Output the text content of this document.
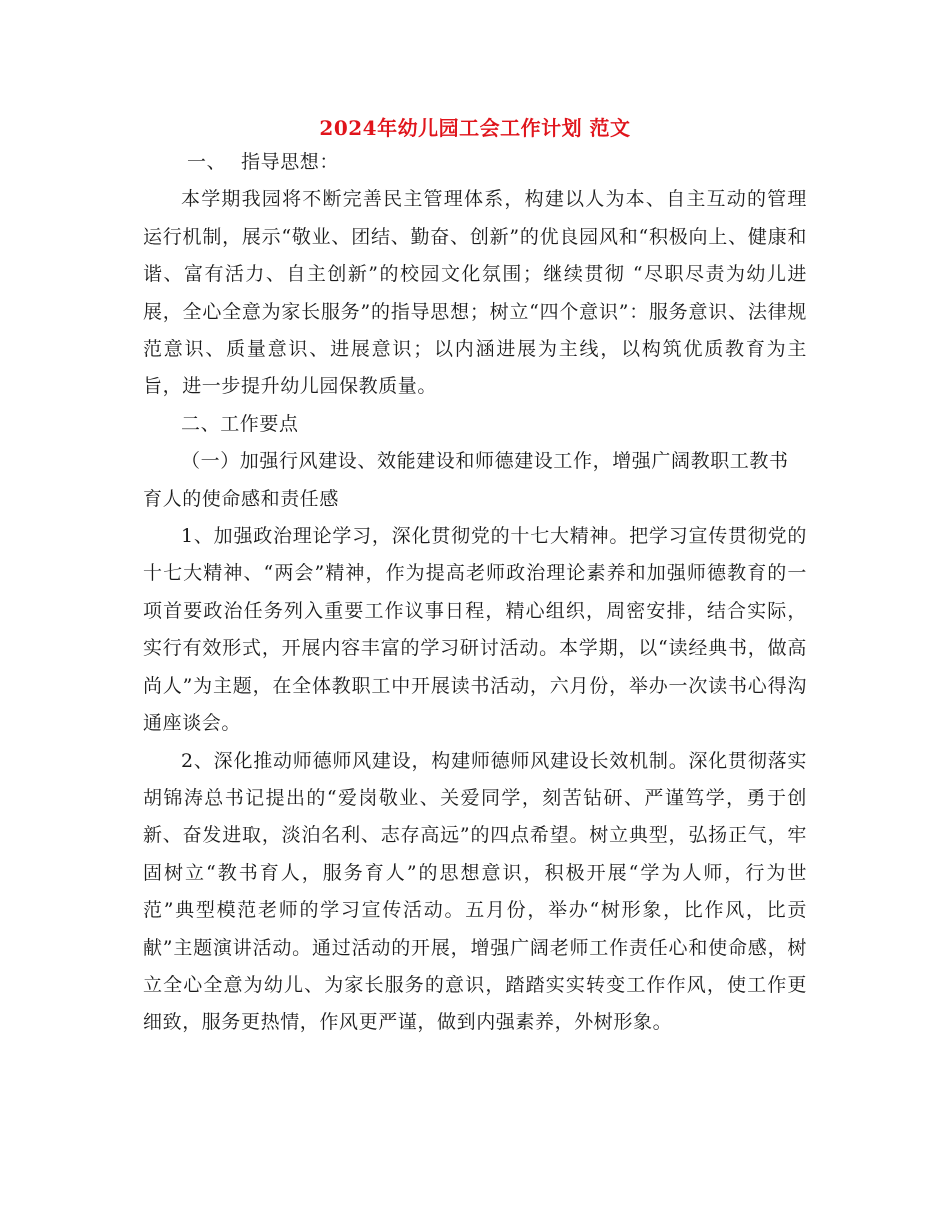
2024年幼儿园工会工作计划 范文

一、 指导思想：

本学期我园将不断完善民主管理体系，构建以人为本、自主互动的管理运行机制，展示“敬业、团结、勤奋、创新”的优良园风和“积极向上、健康和谐、富有活力、自主创新”的校园文化氛围；继续贯彻 “尽职尽责为幼儿进展，全心全意为家长服务”的指导思想；树立“四个意识”：服务意识、法律规范意识、质量意识、进展意识；以内涵进展为主线，以构筑优质教育为主旨，进一步提升幼儿园保教质量。

二、工作要点

（一）加强行风建设、效能建设和师德建设工作，增强广阔教职工教书育人的使命感和责任感

1、加强政治理论学习，深化贯彻党的十七大精神。把学习宣传贯彻党的十七大精神、“两会”精神，作为提高老师政治理论素养和加强师德教育的一项首要政治任务列入重要工作议事日程，精心组织，周密安排，结合实际，实行有效形式，开展内容丰富的学习研讨活动。本学期，以“读经典书，做高尚人”为主题，在全体教职工中开展读书活动，六月份，举办一次读书心得沟通座谈会。

2、深化推动师德师风建设，构建师德师风建设长效机制。深化贯彻落实胡锦涛总书记提出的“爱岗敬业、关爱同学，刻苦钻研、严谨笃学，勇于创新、奋发进取，淡泊名利、志存高远”的四点希望。树立典型，弘扬正气，牢固树立“教书育人，服务育人”的思想意识，积极开展“学为人师，行为世范”典型模范老师的学习宣传活动。五月份，举办“树形象，比作风，比贡献”主题演讲活动。通过活动的开展，增强广阔老师工作责任心和使命感，树立全心全意为幼儿、为家长服务的意识，踏踏实实转变工作作风，使工作更细致，服务更热情，作风更严谨，做到内强素养，外树形象。
